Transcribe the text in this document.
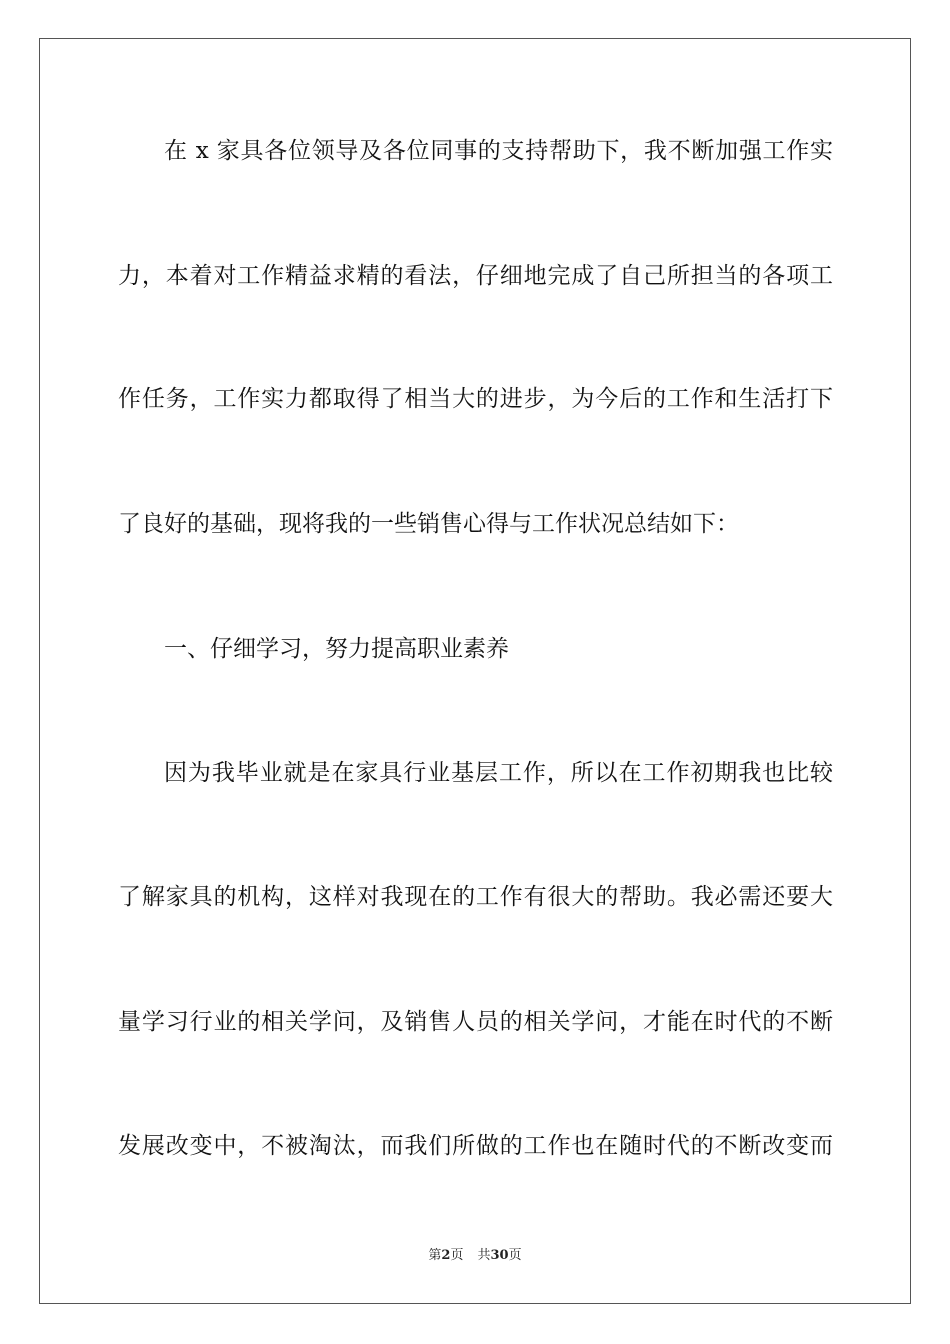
在 x 家具各位领导及各位同事的支持帮助下，我不断加强工作实
力，本着对工作精益求精的看法，仔细地完成了自己所担当的各项工
作任务，工作实力都取得了相当大的进步，为今后的工作和生活打下
了良好的基础，现将我的一些销售心得与工作状况总结如下：
一、仔细学习，努力提高职业素养
因为我毕业就是在家具行业基层工作，所以在工作初期我也比较
了解家具的机构，这样对我现在的工作有很大的帮助。我必需还要大
量学习行业的相关学问，及销售人员的相关学问，才能在时代的不断
发展改变中，不被淘汰，而我们所做的工作也在随时代的不断改变而
第2页 共30页
